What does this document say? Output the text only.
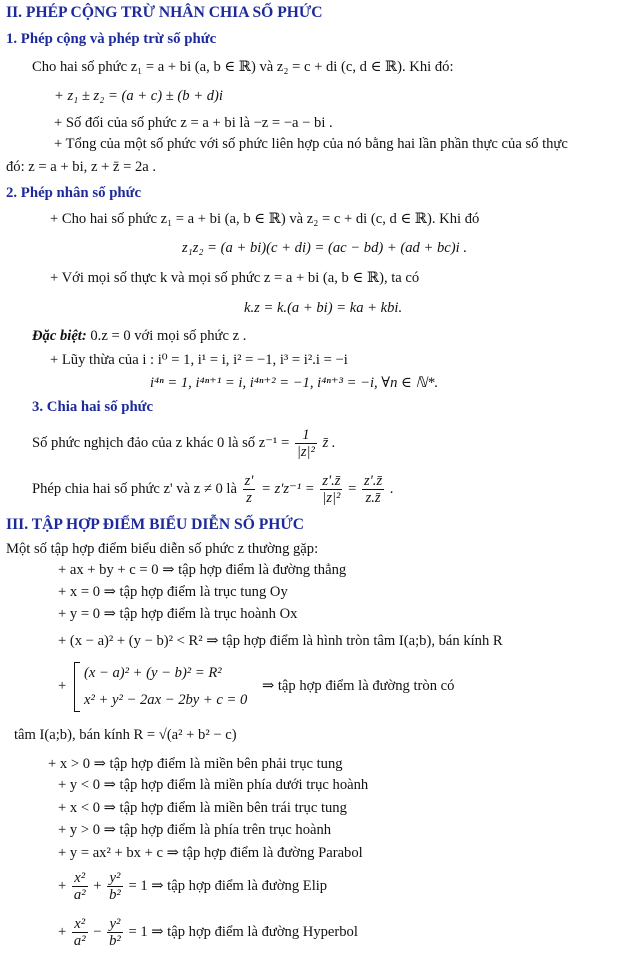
II. PHÉP CỘNG TRỪ NHÂN CHIA SỐ PHỨC
1. Phép cộng và phép trừ số phức
Cho hai số phức z₁ = a + bi (a, b ∈ ℝ) và z₂ = c + di (c, d ∈ ℝ). Khi đó:
+ z₁ ± z₂ = (a + c) ± (b + d)i
+ Số đối của số phức z = a + bi là −z = −a − bi .
+ Tổng của một số phức với số phức liên hợp của nó bằng hai lần phần thực của số thực
đó: z = a + bi, z + z̄ = 2a .
2. Phép nhân số phức
+ Cho hai số phức z₁ = a + bi (a, b ∈ ℝ) và z₂ = c + di (c, d ∈ ℝ). Khi đó
z₁z₂ = (a + bi)(c + di) = (ac − bd) + (ad + bc)i .
+ Với mọi số thực k và mọi số phức z = a + bi (a, b ∈ ℝ), ta có
k.z = k.(a + bi) = ka + kbi.
Đặc biệt: 0.z = 0 với mọi số phức z .
+ Lũy thừa của i : i⁰ = 1, i¹ = i, i² = −1, i³ = i².i = −i
i⁴ⁿ = 1, i⁴ⁿ⁺¹ = i, i⁴ⁿ⁺² = −1, i⁴ⁿ⁺³ = −i, ∀n ∈ ℕ*.
3. Chia hai số phức
Số phức nghịch đảo của z khác 0 là số $z^{-1} = \frac{1}{\text{|z|²}}$ z̄ .
Phép chia hai số phức z' và z ≠ 0 là $\frac{z'}{z} = z'z^{-1} = \frac{z'.z̄}{\text{|z|²}} = \frac{z'.z̄}{z.z̄}$ .
III. TẬP HỢP ĐIỂM BIỂU DIỄN SỐ PHỨC
Một số tập hợp điểm biểu diễn số phức z thường gặp:
+ ax + by + c = 0 ⇒ tập hợp điểm là đường thẳng
+ x = 0 ⇒ tập hợp điểm là trục tung Oy
+ y = 0 ⇒ tập hợp điểm là trục hoành Ox
+ (x − a)² + (y − b)² < R² ⇒ tập hợp điểm là hình tròn tâm I(a;b), bán kính R
+
(x − a)² + (y − b)² = R²
x² + y² − 2ax − 2by + c = 0
⇒ tập hợp điểm là đường tròn có
tâm I(a;b), bán kính R = √(a² + b² − c)
+ x > 0 ⇒ tập hợp điểm là miền bên phải trục tung
+ y < 0 ⇒ tập hợp điểm là miền phía dưới trục hoành
+ x < 0 ⇒ tập hợp điểm là miền bên trái trục tung
+ y > 0 ⇒ tập hợp điểm là phía trên trục hoành
+ y = ax² + bx + c ⇒ tập hợp điểm là đường Parabol
+ $\frac{\text{x²}}{\text{a²}} + \frac{\text{y²}}{\text{b²}} = 1$ ⇒ tập hợp điểm là đường Elip
+ $\frac{\text{x²}}{\text{a²}} - \frac{\text{y²}}{\text{b²}} = 1$ ⇒ tập hợp điểm là đường Hyperbol
